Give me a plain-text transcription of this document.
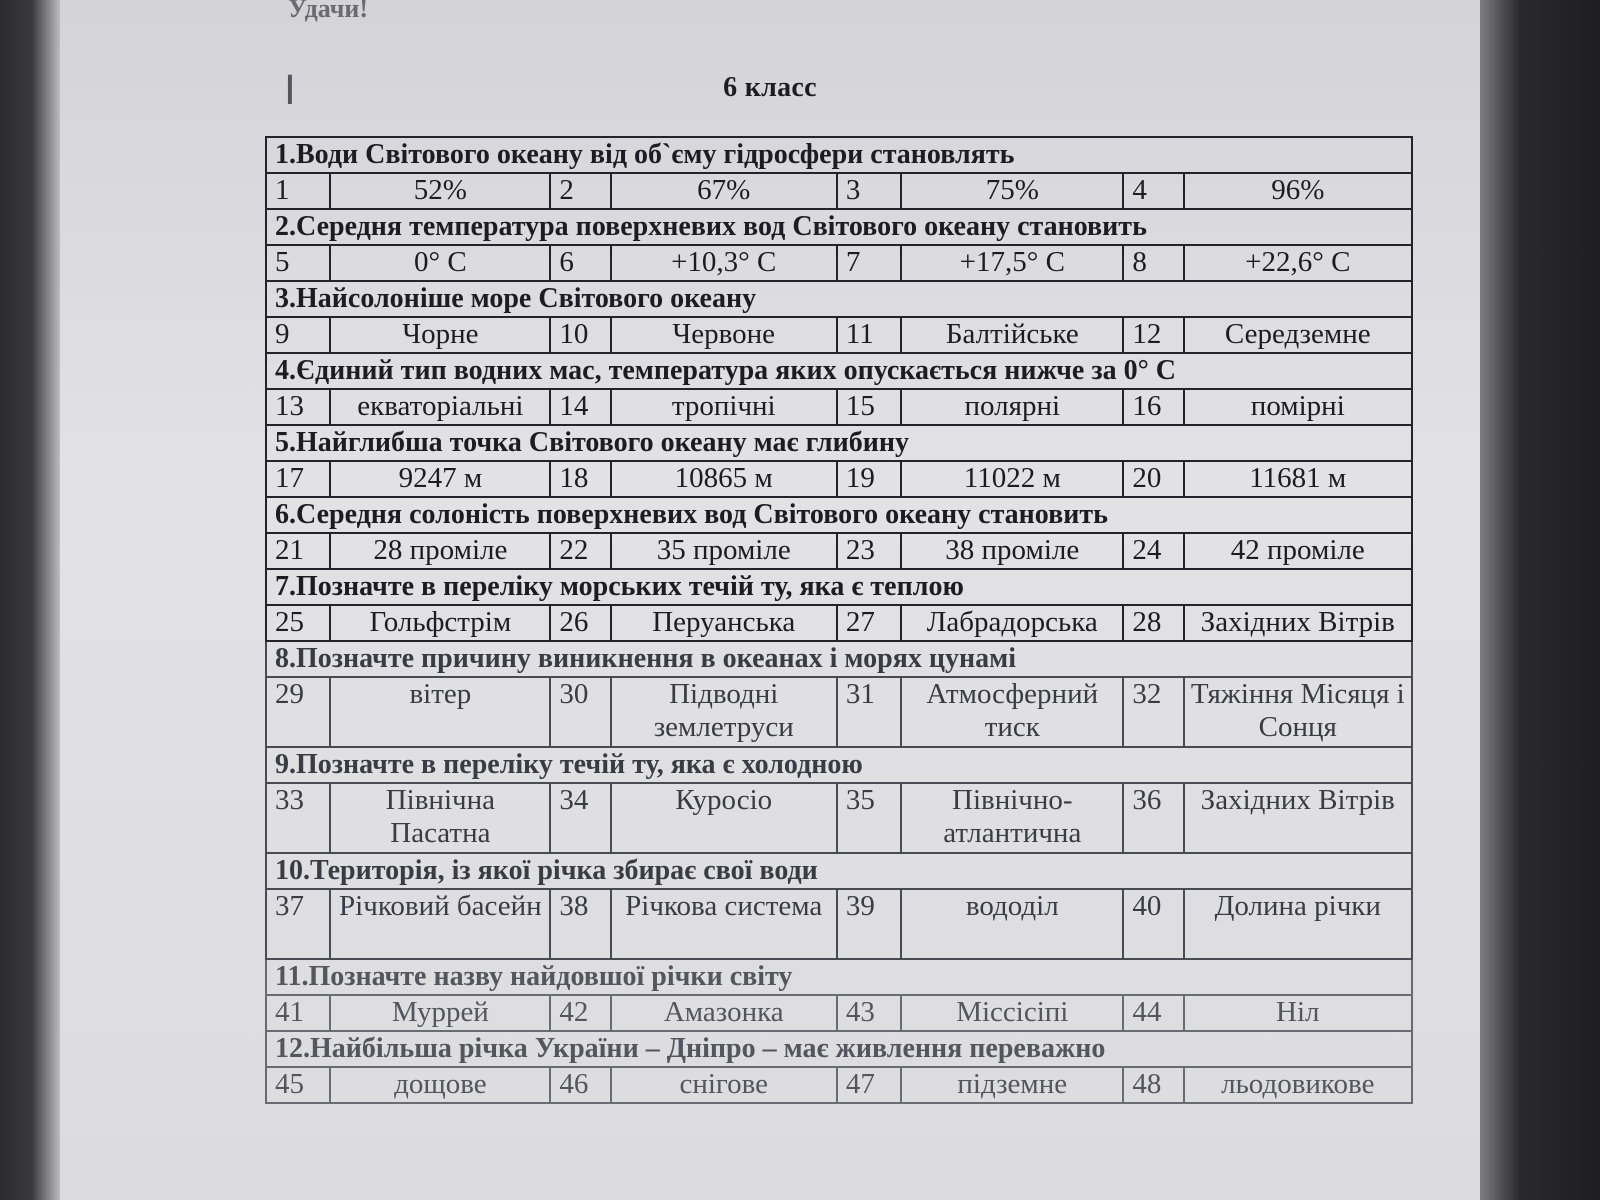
Удачи!
I	6 класс
1.Води Світового океану від об`єму гідросфери становлять							
1	52%	2	67%	3	75%	4	96%
2.Середня температура поверхневих вод Світового океану становить							
5	0° С	6	+10,3° С	7	+17,5° С	8	+22,6° С
3.Найсолоніше море Світового океану							
9	Чорне	10	Червоне	11	Балтійське	12	Середземне
4.Єдиний тип водних мас, температура яких опускається нижче за 0° С							
13	екваторіальні	14	тропічні	15	полярні	16	помірні
5.Найглибша точка Світового океану має глибину							
17	9247 м	18	10865 м	19	11022 м	20	11681 м
6.Середня солоність поверхневих вод Світового океану становить							
21	28 проміле	22	35 проміле	23	38 проміле	24	42 проміле
7.Позначте в переліку морських течій ту, яка є теплою							
25	Гольфстрім	26	Перуанська	27	Лабрадорська	28	Західних Вітрів
8.Позначте причину виникнення в океанах і морях цунамі							
29	вітер	30	Підводні землетруси	31	Атмосферний тиск	32	Тяжіння Місяця і Сонця
9.Позначте в переліку течій ту, яка є холодною							
33	Північна Пасатна	34	Куросіо	35	Північно-атлантична	36	Західних Вітрів
10.Територія, із якої річка збирає свої води							
37	Річковий басейн	38	Річкова система	39	вододіл	40	Долина річки
11.Позначте назву найдовшої річки світу							
41	Муррей	42	Амазонка	43	Міссісіпі	44	Ніл
12.Найбільша річка України – Дніпро – має живлення переважно							
45	дощове	46	снігове	47	підземне	48	льодовикове
